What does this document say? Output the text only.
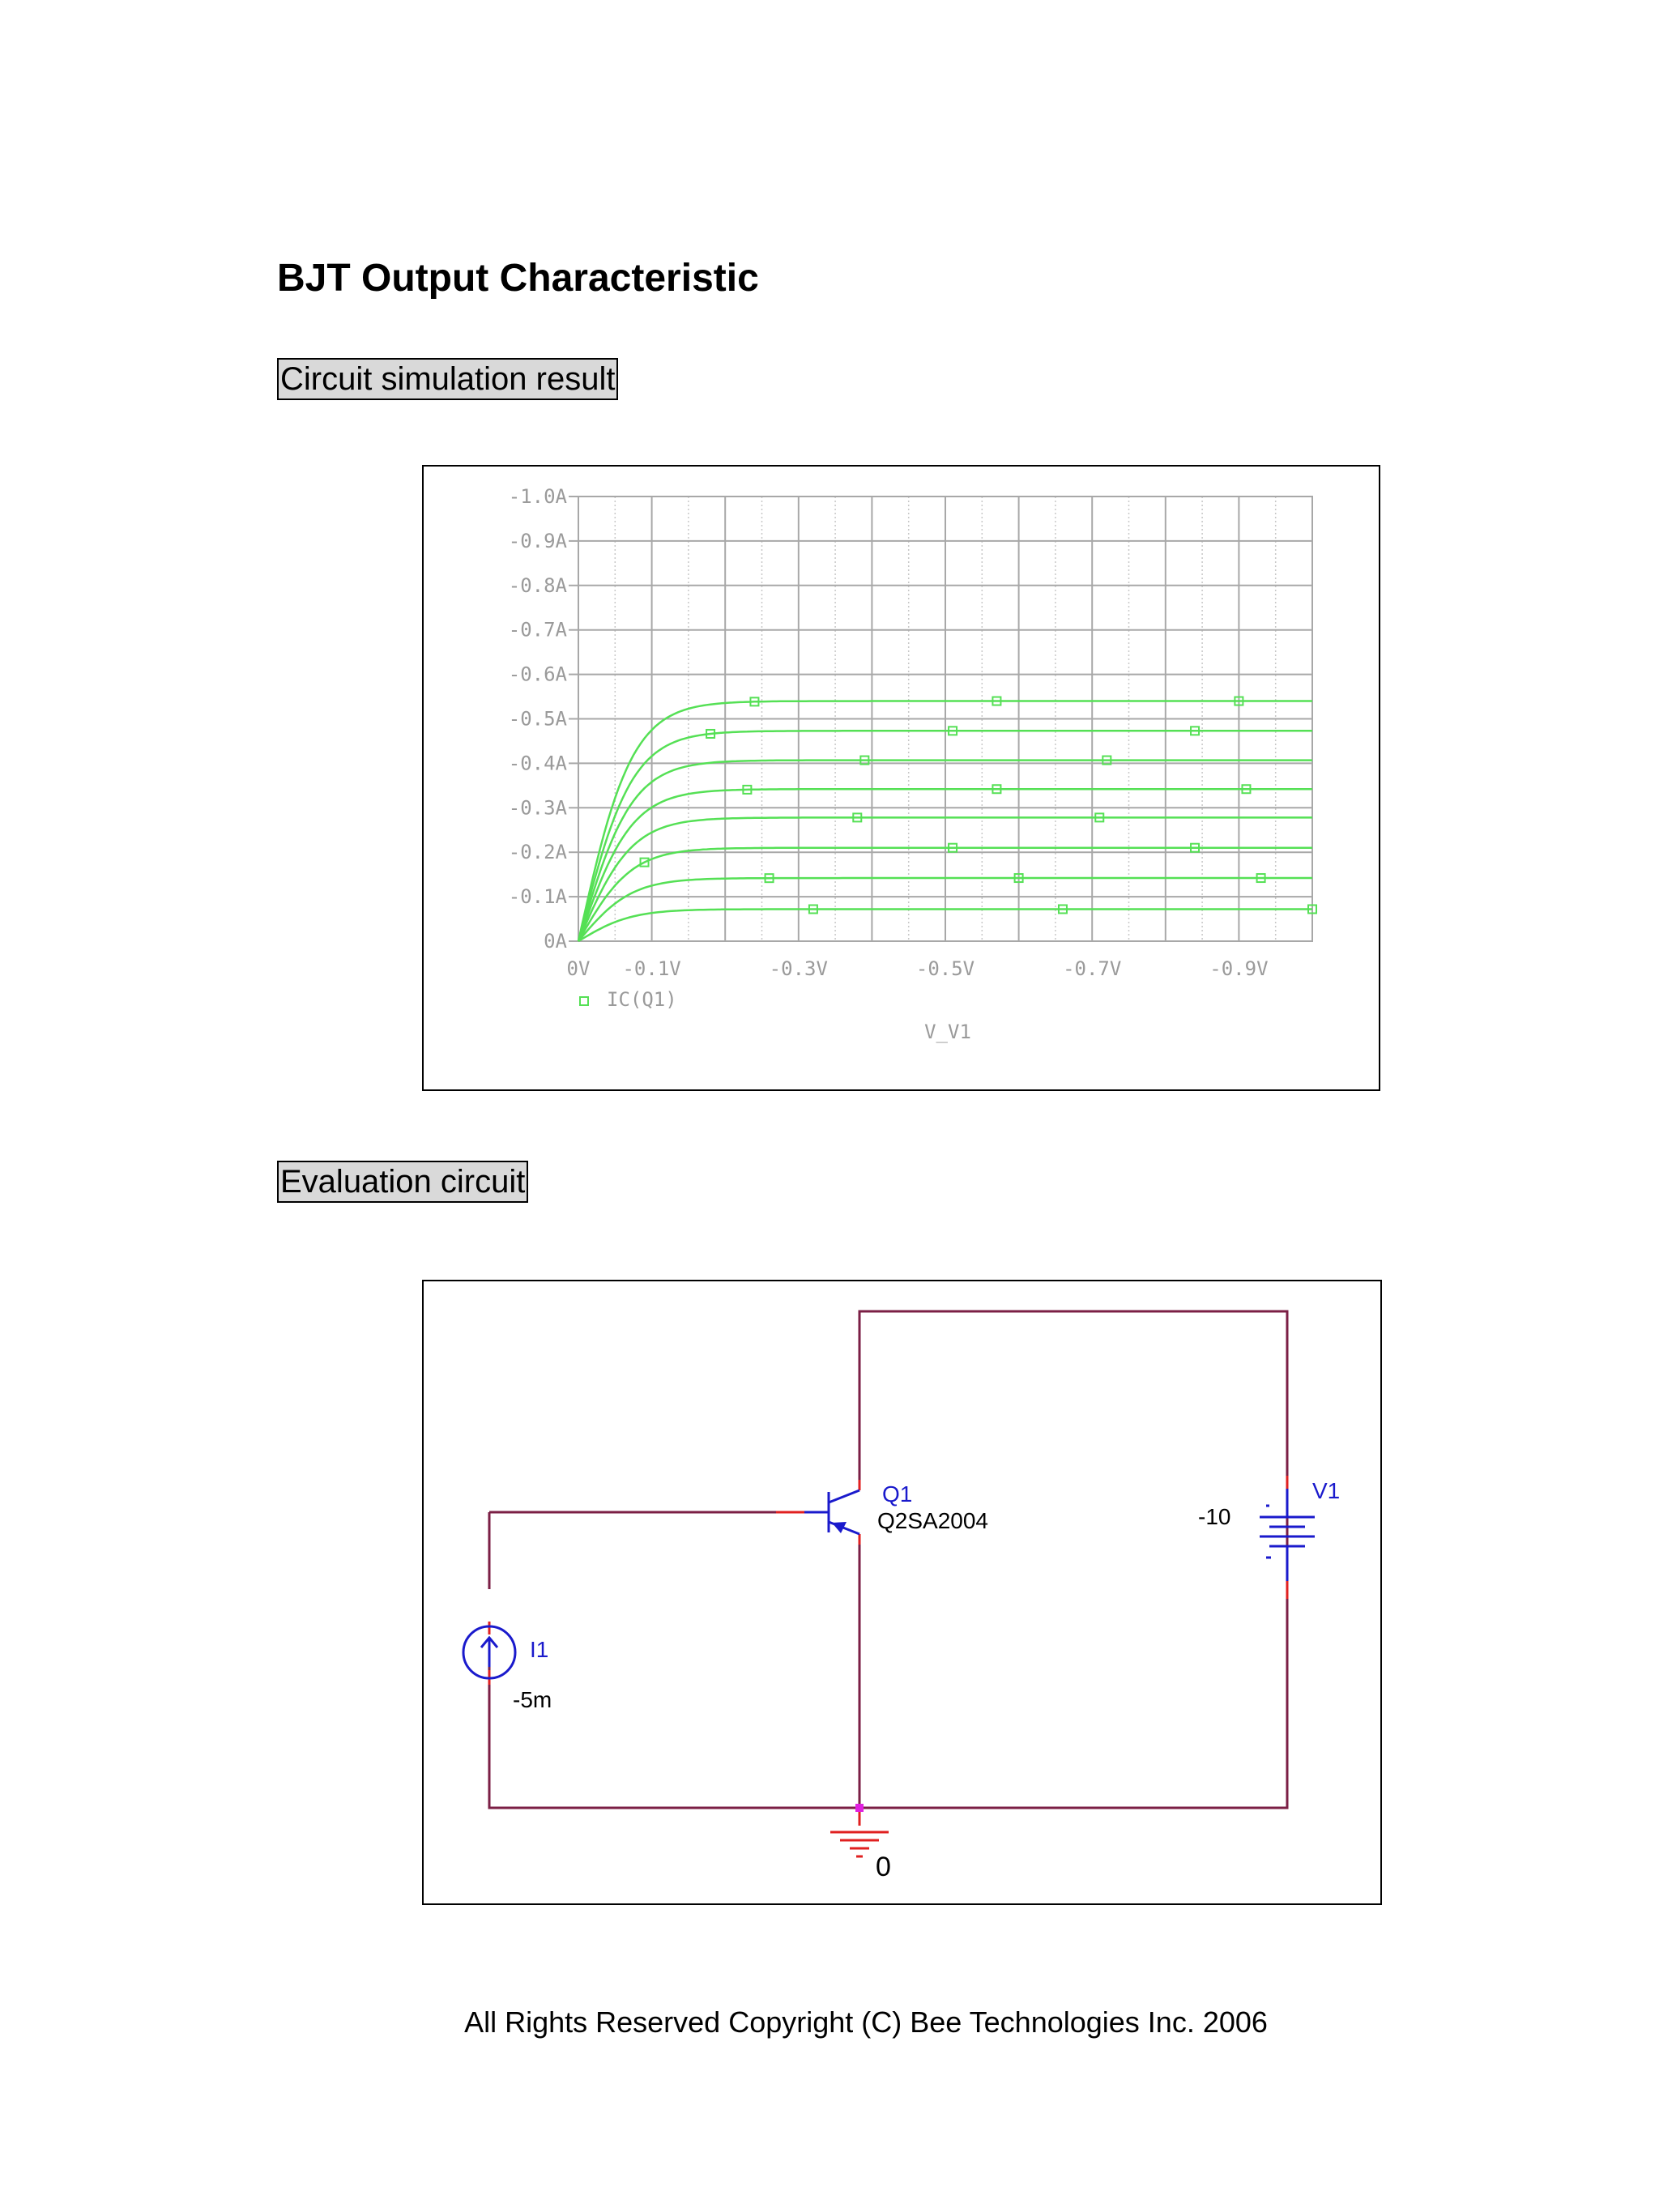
BJT Output Characteristic
Circuit simulation result
-1.0A
-0.9A
-0.8A
-0.7A
-0.6A
-0.5A
-0.4A
-0.3A
-0.2A
-0.1A
0A
0V -0.1V	-0.3V	-0.5V	-0.7V	-0.9V
IC(Q1)
V_V1
Evaluation circuit
Q1
Q2SA2004
I1
-5m
V1
-10
0
All Rights Reserved Copyright (C) Bee Technologies Inc. 2006
